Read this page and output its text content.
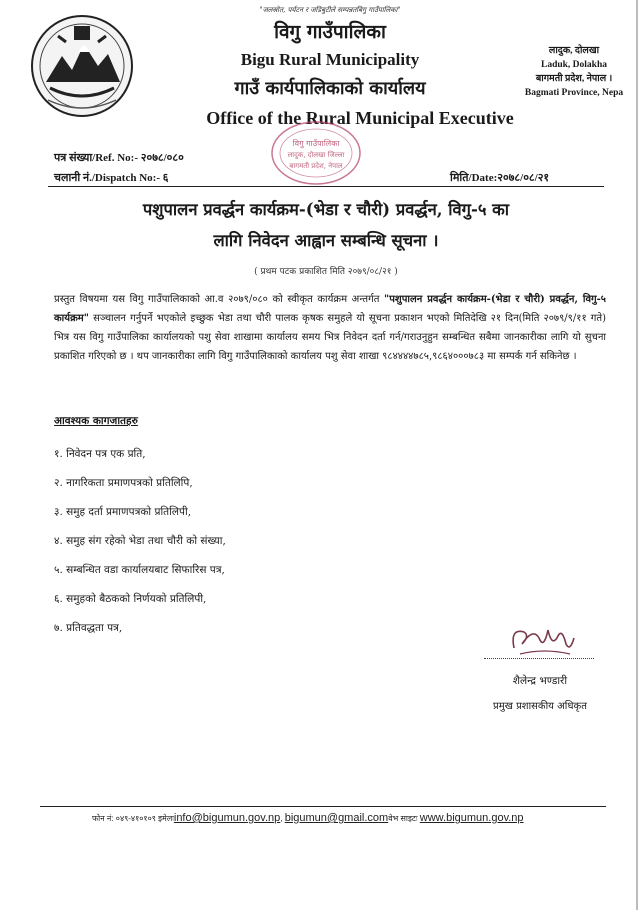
"जलस्रोत, पर्यटन र जडिबुटीले सम्पन्नतबिगु गाउँपालिका"
विगु गाउँपालिका
Bigu Rural Municipality
गाउँ कार्यपालिकाको कार्यालय
Office of the Rural Municipal Executive
लादुक, दोलखा
Laduk, Dolakha
बागमती प्रदेश, नेपाल ।
Bagmati Province, Nepa
विगु गाउँपालिका
लादुक, दोलखा जिल्ला
बागमती प्रदेश, नेपाल
पत्र संख्या/Ref. No:- २०७८/०८०
चलानी नं./Dispatch No:- ६	मिति/Date:२०७८/०८/२१
पशुपालन प्रवर्द्धन कार्यक्रम-(भेडा र चौरी) प्रवर्द्धन, विगु-५ का
लागि निवेदन आह्वान सम्बन्धि सूचना ।
( प्रथम पटक प्रकाशित मिति २०७९/०८/२१ )
प्रस्तुत विषयमा यस विगु गाउँपालिकाको आ.व २०७९/०८० को स्वीकृत कार्यक्रम अन्तर्गत "पशुपालन प्रवर्द्धन कार्यक्रम-(भेडा र चौरी) प्रवर्द्धन, विगु-५ कार्यक्रम" सञ्चालन गर्नुपर्ने भएकोले इच्छुक भेडा तथा चौरी पालक कृषक समुहले यो सूचना प्रकाशन भएको मितिदेखि २१ दिन(मिति २०७९/९/११ गते) भित्र यस विगु गाउँपालिका कार्यालयको पशु सेवा शाखामा कार्यालय समय भित्र निवेदन दर्ता गर्न/गराउनुहुन सम्बन्धित सबैमा जानकारीका लागि यो सुचना प्रकाशित गरिएको छ । थप जानकारीका लागि विगु गाउँपालिकाको कार्यालय पशु सेवा शाखा ९८४४४४७८५,९८६४०००७८३ मा सम्पर्क गर्न सकिनेछ ।
आवश्यक कागजातहरु
१. निवेदन पत्र एक प्रति,
२. नागरिकता प्रमाणपत्रको प्रतिलिपि,
३. समुह दर्ता प्रमाणपत्रको प्रतिलिपी,
४. समुह संग रहेको भेडा तथा चौरी को संख्या,
५. सम्बन्धित वडा कार्यालयबाट सिफारिस पत्र,
६. समुहको बैठकको निर्णयको प्रतिलिपी,
७. प्रतिवद्धता पत्र,
शैलेन्द्र भण्डारी
प्रमुख प्रशासकीय अधिकृत
फोन नं: ०४९-४१०१०९ इमेलःinfo@bigumun.gov.np, bigumun@gmail.comवेभ साइटः www.bigumun.gov.np
